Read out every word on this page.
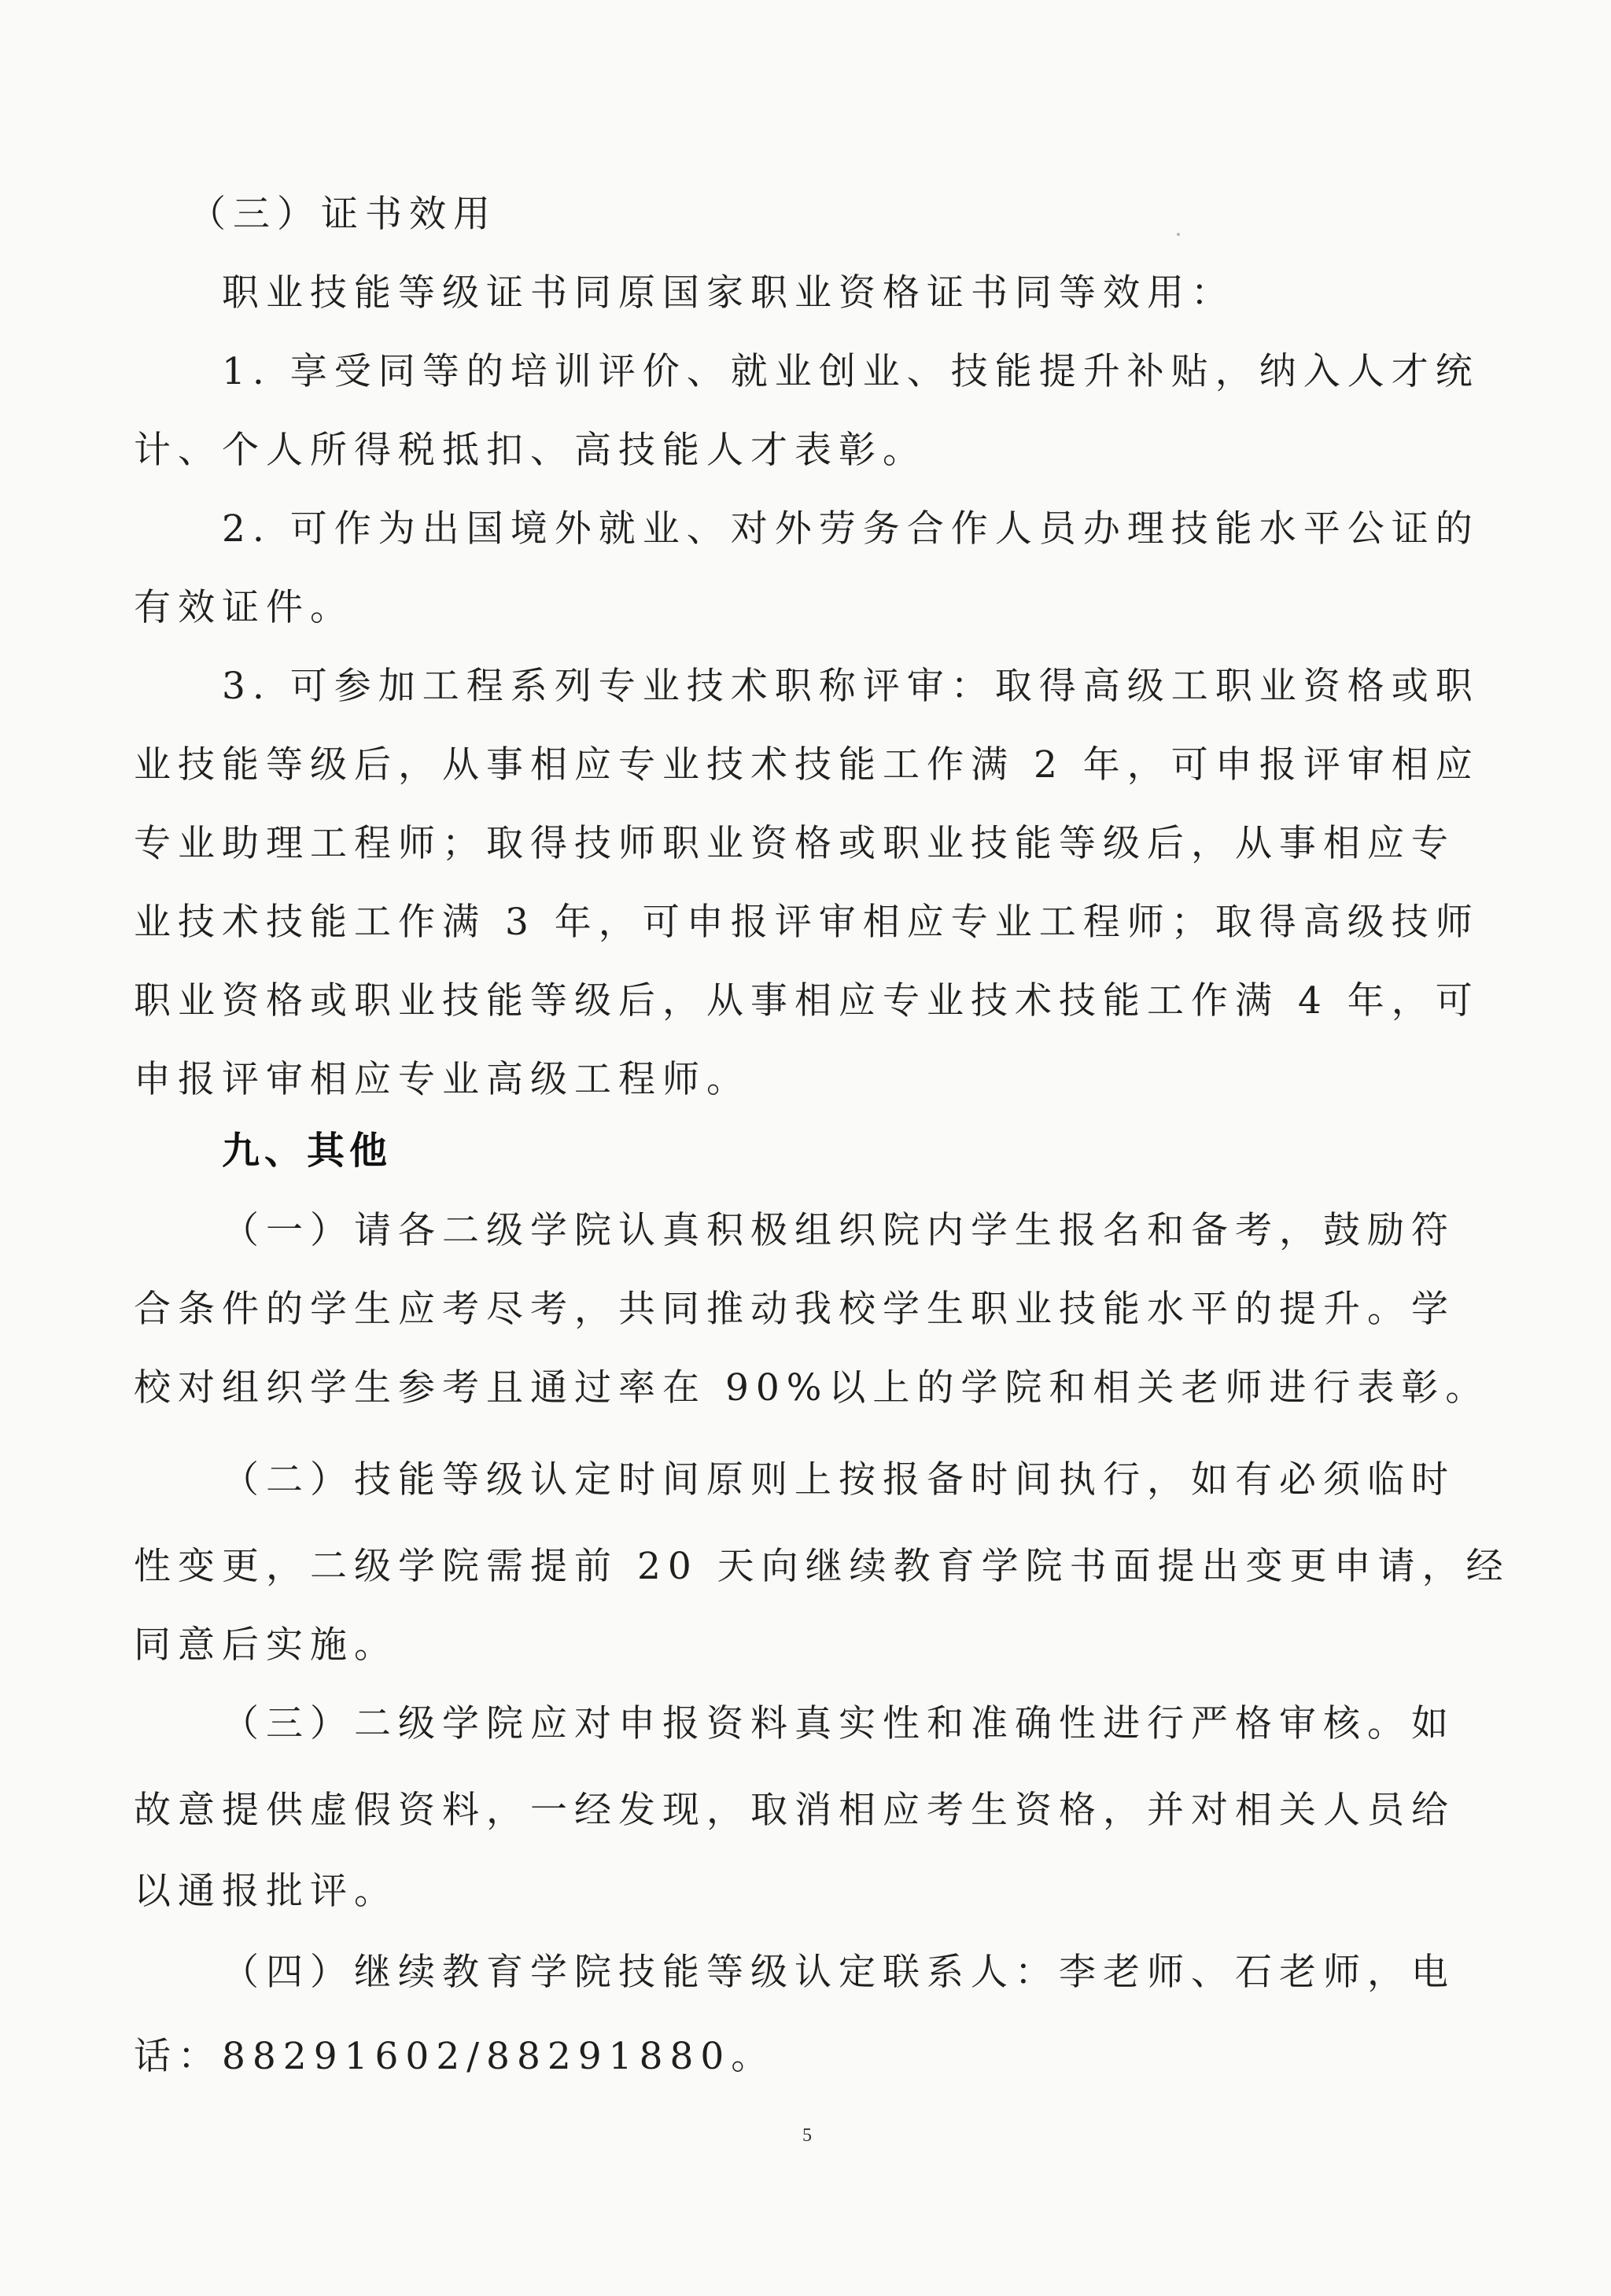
（三）证书效用
职业技能等级证书同原国家职业资格证书同等效用：
1. 享受同等的培训评价、就业创业、技能提升补贴，纳入人才统
计、个人所得税抵扣、高技能人才表彰。
2. 可作为出国境外就业、对外劳务合作人员办理技能水平公证的
有效证件。
3. 可参加工程系列专业技术职称评审：取得高级工职业资格或职
业技能等级后，从事相应专业技术技能工作满 2 年，可申报评审相应
专业助理工程师；取得技师职业资格或职业技能等级后，从事相应专
业技术技能工作满 3 年，可申报评审相应专业工程师；取得高级技师
职业资格或职业技能等级后，从事相应专业技术技能工作满 4 年，可
申报评审相应专业高级工程师。
九、其他
（一）请各二级学院认真积极组织院内学生报名和备考，鼓励符
合条件的学生应考尽考，共同推动我校学生职业技能水平的提升。学
校对组织学生参考且通过率在 90%以上的学院和相关老师进行表彰。
（二）技能等级认定时间原则上按报备时间执行，如有必须临时
性变更，二级学院需提前 20 天向继续教育学院书面提出变更申请，经
同意后实施。
（三）二级学院应对申报资料真实性和准确性进行严格审核。如
故意提供虚假资料，一经发现，取消相应考生资格，并对相关人员给
以通报批评。
（四）继续教育学院技能等级认定联系人：李老师、石老师，电
话：88291602/88291880。
5
